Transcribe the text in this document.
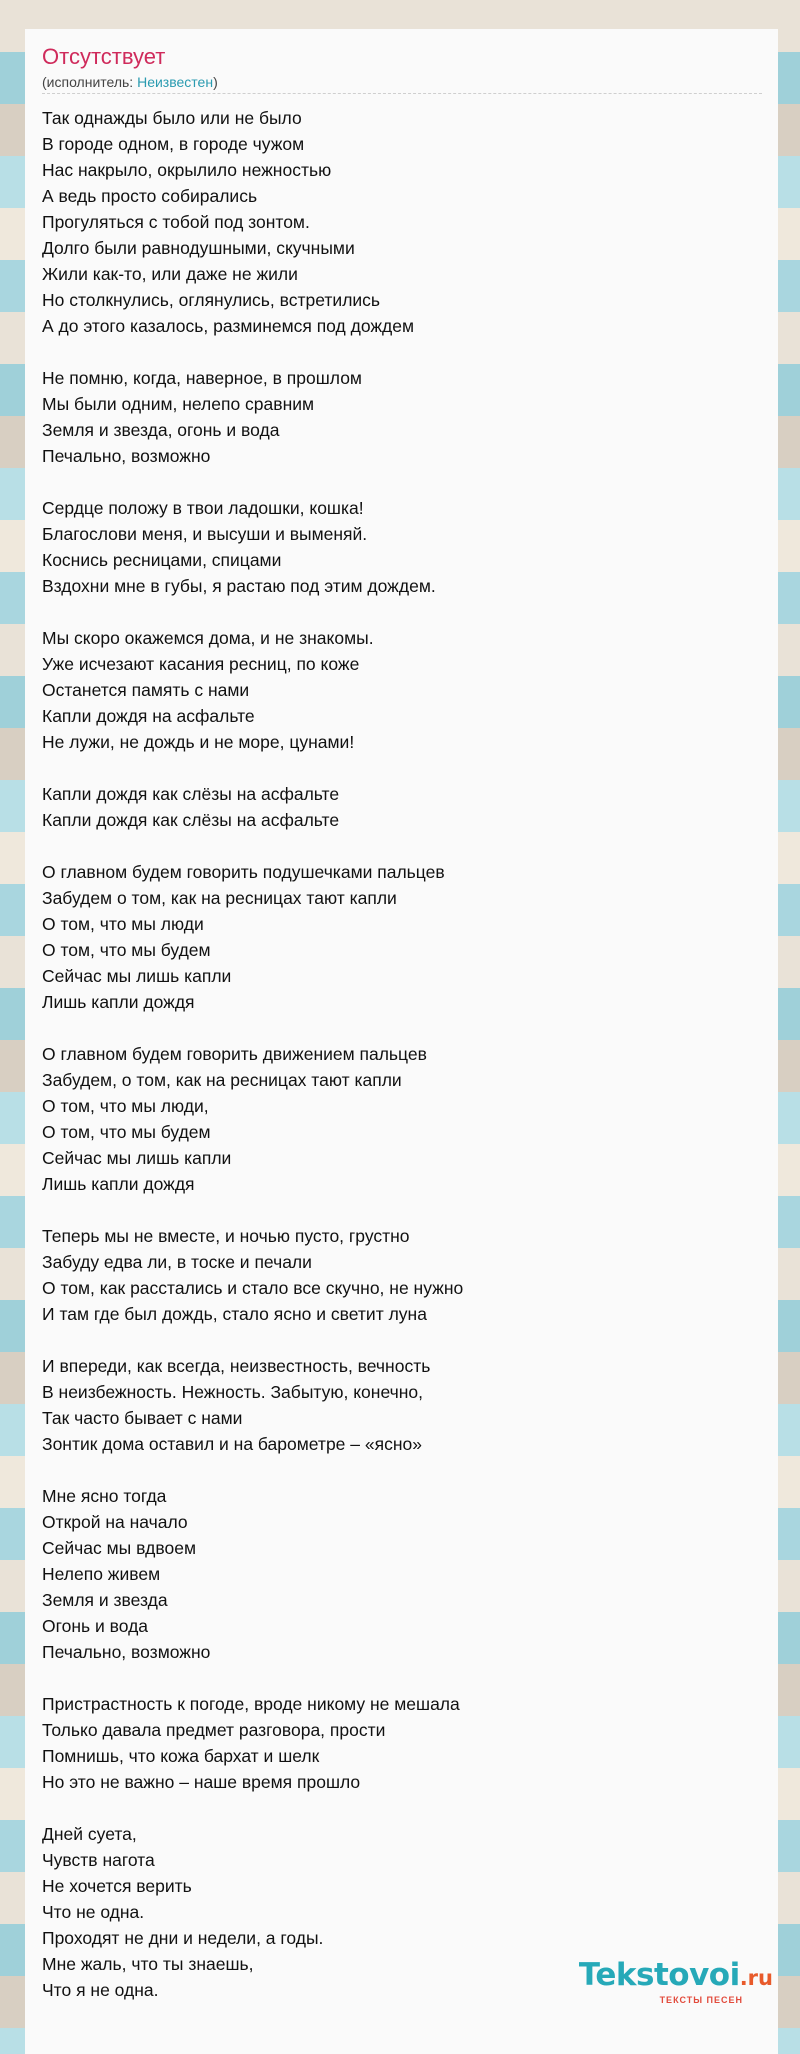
Отсутствует
(исполнитель: Неизвестен)
Так однажды было или не было
В городе одном, в городе чужом
Нас накрыло, окрылило нежностью
А ведь просто собирались
Прогуляться с тобой под зонтом.
Долго были равнодушными, скучными
Жили как-то, или даже не жили
Но столкнулись, оглянулись, встретились
А до этого казалось, разминемся под дождем
Не помню, когда, наверное, в прошлом
Мы были одним, нелепо сравним
Земля и звезда, огонь и вода
Печально, возможно
Сердце положу в твои ладошки, кошка!
Благослови меня, и высуши и выменяй.
Коснись ресницами, спицами
Вздохни мне в губы, я растаю под этим дождем.
Мы скоро окажемся дома, и не знакомы.
Уже исчезают касания ресниц, по коже
Останется память с нами
Капли дождя на асфальте
Не лужи, не дождь и не море, цунами!
Капли дождя как слёзы на асфальте
Капли дождя как слёзы на асфальте
О главном будем говорить подушечками пальцев
Забудем о том, как на ресницах тают капли
О том, что мы люди
О том, что мы будем
Сейчас мы лишь капли
Лишь капли дождя
О главном будем говорить движением пальцев
Забудем, о том, как на ресницах тают капли
О том, что мы люди,
О том, что мы будем
Сейчас мы лишь капли
Лишь капли дождя
Теперь мы не вместе, и ночью пусто, грустно
Забуду едва ли, в тоске и печали
О том, как расстались и стало все скучно, не нужно
И там где был дождь, стало ясно и светит луна
И впереди, как всегда, неизвестность, вечность
В неизбежность. Нежность. Забытую, конечно,
Так часто бывает с нами
Зонтик дома оставил и на барометре – «ясно»
Мне ясно тогда
Открой на начало
Сейчас мы вдвоем
Нелепо живем
Земля и звезда
Огонь и вода
Печально, возможно
Пристрастность к погоде, вроде никому не мешала
Только давала предмет разговора, прости
Помнишь, что кожа бархат и шелк
Но это не важно – наше время прошло
Дней суета,
Чувств нагота
Не хочется верить
Что не одна.
Проходят не дни и недели, а годы.
Мне жаль, что ты знаешь,
Что я не одна.	Tekstovoi.ru
ТЕКСТЫ ПЕСЕН
